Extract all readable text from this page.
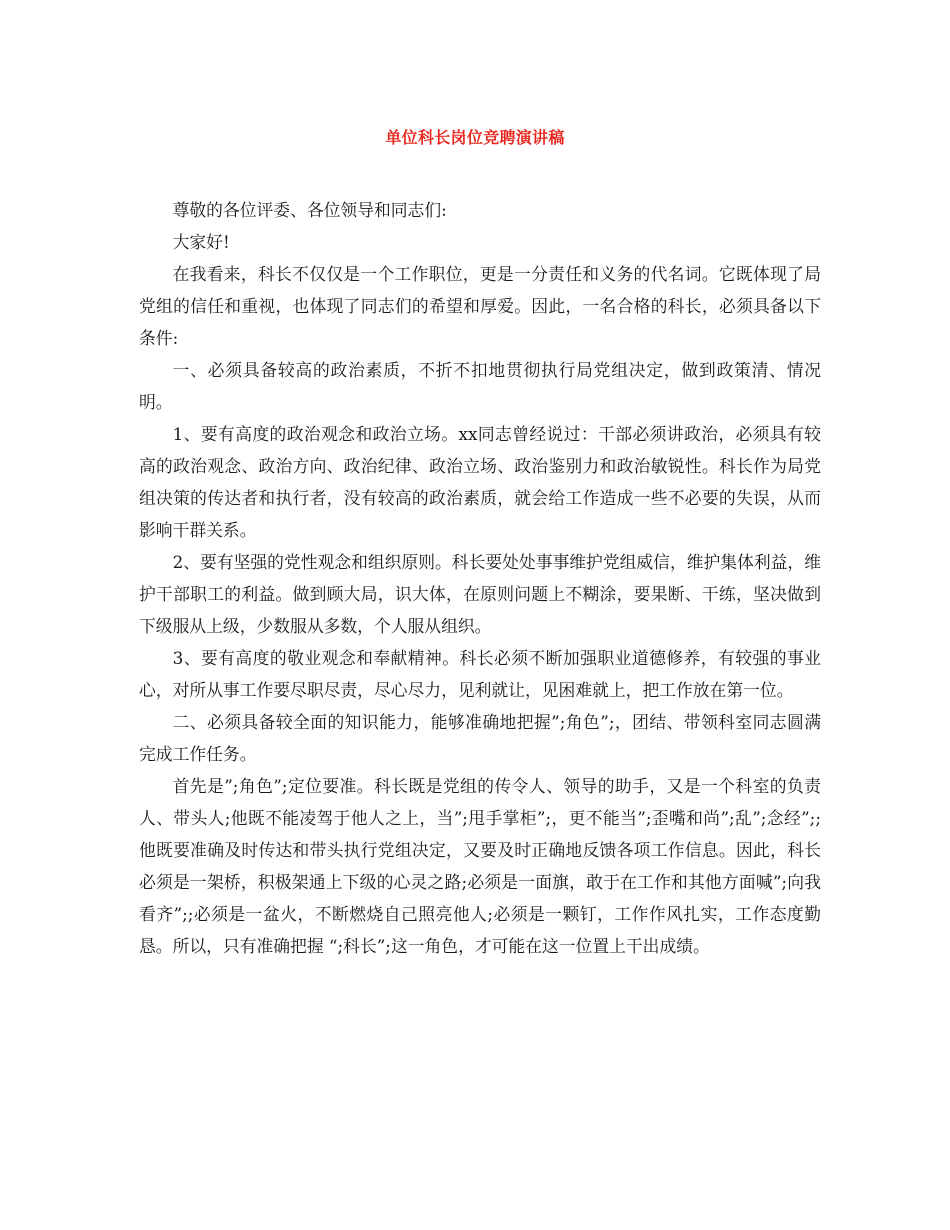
单位科长岗位竞聘演讲稿

尊敬的各位评委、各位领导和同志们:

大家好!

在我看来，科长不仅仅是一个工作职位，更是一分责任和义务的代名词。它既体现了局党组的信任和重视，也体现了同志们的希望和厚爱。因此，一名合格的科长，必须具备以下条件:

一、必须具备较高的政治素质，不折不扣地贯彻执行局党组决定，做到政策清、情况明。

1、要有高度的政治观念和政治立场。xx同志曾经说过：干部必须讲政治，必须具有较高的政治观念、政治方向、政治纪律、政治立场、政治鉴别力和政治敏锐性。科长作为局党组决策的传达者和执行者，没有较高的政治素质，就会给工作造成一些不必要的失误，从而影响干群关系。

2、要有坚强的党性观念和组织原则。科长要处处事事维护党组威信，维护集体利益，维护干部职工的利益。做到顾大局，识大体，在原则问题上不糊涂，要果断、干练，坚决做到下级服从上级，少数服从多数，个人服从组织。

3、要有高度的敬业观念和奉献精神。科长必须不断加强职业道德修养，有较强的事业心，对所从事工作要尽职尽责，尽心尽力，见利就让，见困难就上，把工作放在第一位。

二、必须具备较全面的知识能力，能够准确地把握”;角色”;，团结、带领科室同志圆满完成工作任务。

首先是”;角色”;定位要准。科长既是党组的传令人、领导的助手，又是一个科室的负责人、带头人;他既不能凌驾于他人之上，当”;甩手掌柜”;，更不能当”;歪嘴和尚”;乱”;念经”;;他既要准确及时传达和带头执行党组决定，又要及时正确地反馈各项工作信息。因此，科长必须是一架桥，积极架通上下级的心灵之路;必须是一面旗，敢于在工作和其他方面喊”;向我看齐”;;必须是一盆火，不断燃烧自己照亮他人;必须是一颗钉，工作作风扎实，工作态度勤恳。所以，只有准确把握 “;科长”;这一角色，才可能在这一位置上干出成绩。
